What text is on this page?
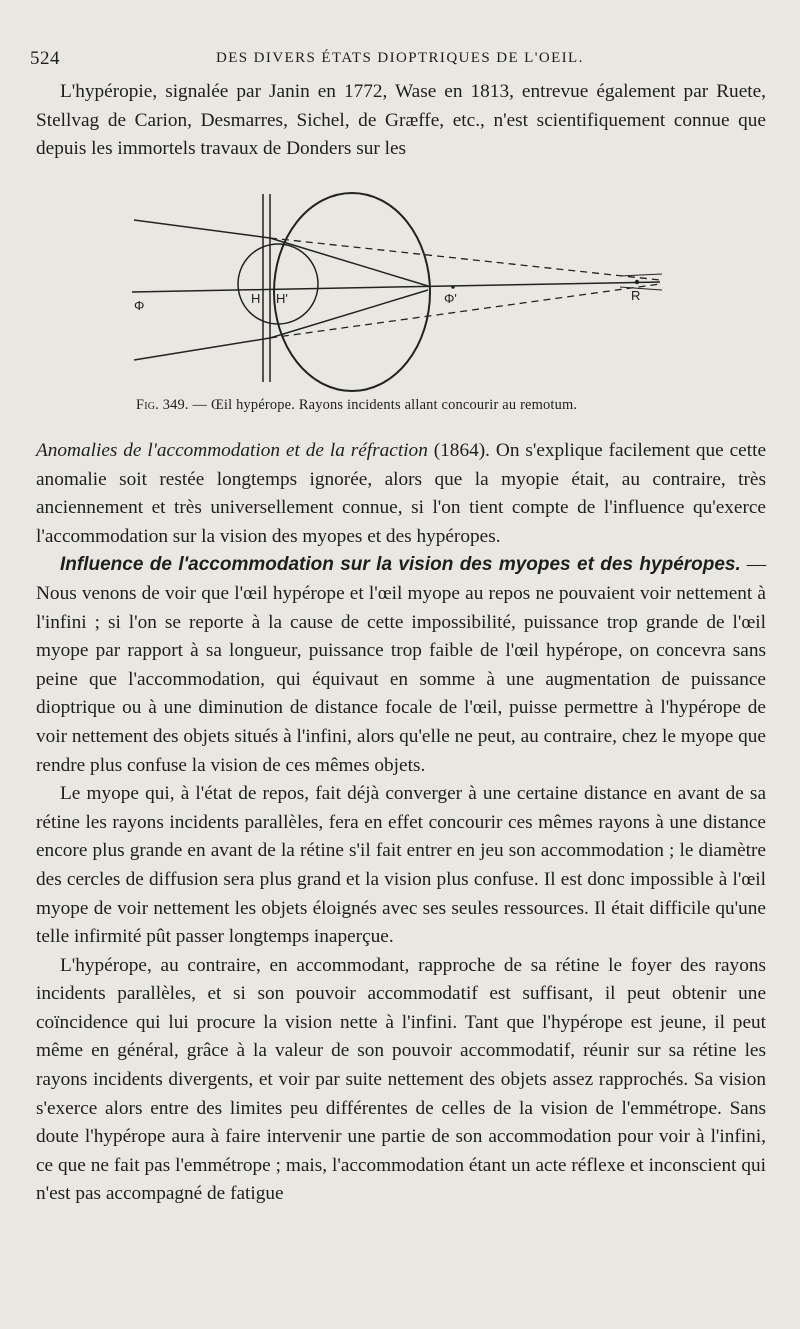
524	DES DIVERS ÉTATS DIOPTRIQUES DE L'OEIL.

L'hypéropie, signalée par Janin en 1772, Wase en 1813, entrevue également par Ruete, Stellvag de Carion, Desmarres, Sichel, de Græffe, etc., n'est scientifiquement connue que depuis les immortels travaux de Donders sur les

Φ	H H'	Φ'	R
Fig. 349. — Œil hypérope. Rayons incidents allant concourir au remotum.

Anomalies de l'accommodation et de la réfraction (1864). On s'explique facilement que cette anomalie soit restée longtemps ignorée, alors que la myopie était, au contraire, très anciennement et très universellement connue, si l'on tient compte de l'influence qu'exerce l'accommodation sur la vision des myopes et des hypéropes.

Influence de l'accommodation sur la vision des myopes et des hypéropes. — Nous venons de voir que l'œil hypérope et l'œil myope au repos ne pouvaient voir nettement à l'infini ; si l'on se reporte à la cause de cette impossibilité, puissance trop grande de l'œil myope par rapport à sa longueur, puissance trop faible de l'œil hypérope, on concevra sans peine que l'accommodation, qui équivaut en somme à une augmentation de puissance dioptrique ou à une diminution de distance focale de l'œil, puisse permettre à l'hypérope de voir nettement des objets situés à l'infini, alors qu'elle ne peut, au contraire, chez le myope que rendre plus confuse la vision de ces mêmes objets.

Le myope qui, à l'état de repos, fait déjà converger à une certaine distance en avant de sa rétine les rayons incidents parallèles, fera en effet concourir ces mêmes rayons à une distance encore plus grande en avant de la rétine s'il fait entrer en jeu son accommodation ; le diamètre des cercles de diffusion sera plus grand et la vision plus confuse. Il est donc impossible à l'œil myope de voir nettement les objets éloignés avec ses seules ressources. Il était difficile qu'une telle infirmité pût passer longtemps inaperçue.

L'hypérope, au contraire, en accommodant, rapproche de sa rétine le foyer des rayons incidents parallèles, et si son pouvoir accommodatif est suffisant, il peut obtenir une coïncidence qui lui procure la vision nette à l'infini. Tant que l'hypérope est jeune, il peut même en général, grâce à la valeur de son pouvoir accommodatif, réunir sur sa rétine les rayons incidents divergents, et voir par suite nettement des objets assez rapprochés. Sa vision s'exerce alors entre des limites peu différentes de celles de la vision de l'emmétrope. Sans doute l'hypérope aura à faire intervenir une partie de son accommodation pour voir à l'infini, ce que ne fait pas l'emmétrope ; mais, l'accommodation étant un acte réflexe et inconscient qui n'est pas accompagné de fatigue
